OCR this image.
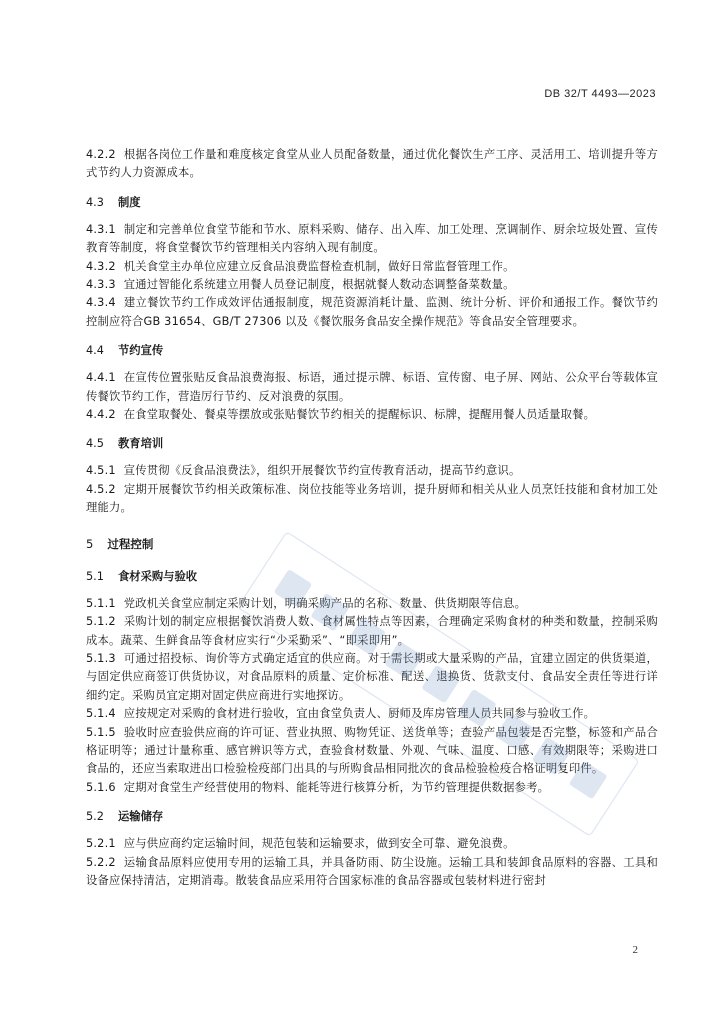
DB 32/T 4493—2023
4.2.2 根据各岗位工作量和难度核定食堂从业人员配备数量，通过优化餐饮生产工序、灵活用工、培训提升等方式节约人力资源成本。
4.3 制度
4.3.1 制定和完善单位食堂节能和节水、原料采购、储存、出入库、加工处理、烹调制作、厨余垃圾处置、宣传教育等制度，将食堂餐饮节约管理相关内容纳入现有制度。
4.3.2 机关食堂主办单位应建立反食品浪费监督检查机制，做好日常监督管理工作。
4.3.3 宜通过智能化系统建立用餐人员登记制度，根据就餐人数动态调整备菜数量。
4.3.4 建立餐饮节约工作成效评估通报制度，规范资源消耗计量、监测、统计分析、评价和通报工作。餐饮节约控制应符合GB 31654、GB/T 27306 以及《餐饮服务食品安全操作规范》等食品安全管理要求。
4.4 节约宣传
4.4.1 在宣传位置张贴反食品浪费海报、标语，通过提示牌、标语、宣传窗、电子屏、网站、公众平台等载体宣传餐饮节约工作，营造厉行节约、反对浪费的氛围。
4.4.2 在食堂取餐处、餐桌等摆放或张贴餐饮节约相关的提醒标识、标牌，提醒用餐人员适量取餐。
4.5 教育培训
4.5.1 宣传贯彻《反食品浪费法》，组织开展餐饮节约宣传教育活动，提高节约意识。
4.5.2 定期开展餐饮节约相关政策标准、岗位技能等业务培训，提升厨师和相关从业人员烹饪技能和食材加工处理能力。
5 过程控制
5.1 食材采购与验收
5.1.1 党政机关食堂应制定采购计划，明确采购产品的名称、数量、供货期限等信息。
5.1.2 采购计划的制定应根据餐饮消费人数、食材属性特点等因素，合理确定采购食材的种类和数量，控制采购成本。蔬菜、生鲜食品等食材应实行“少采勤采”、“即采即用”。
5.1.3 可通过招投标、询价等方式确定适宜的供应商。对于需长期或大量采购的产品，宜建立固定的供货渠道，与固定供应商签订供货协议，对食品原料的质量、定价标准、配送、退换货、货款支付、食品安全责任等进行详细约定。采购员宜定期对固定供应商进行实地探访。
5.1.4 应按规定对采购的食材进行验收，宜由食堂负责人、厨师及库房管理人员共同参与验收工作。
5.1.5 验收时应查验供应商的许可证、营业执照、购物凭证、送货单等；查验产品包装是否完整，标签和产品合格证明等；通过计量称重、感官辨识等方式，查验食材数量、外观、气味、温度、口感、有效期限等；采购进口食品的，还应当索取进出口检验检疫部门出具的与所购食品相同批次的食品检验检疫合格证明复印件。
5.1.6 定期对食堂生产经营使用的物料、能耗等进行核算分析，为节约管理提供数据参考。
5.2 运输储存
5.2.1 应与供应商约定运输时间，规范包装和运输要求，做到安全可靠、避免浪费。
5.2.2 运输食品原料应使用专用的运输工具，并具备防雨、防尘设施。运输工具和装卸食品原料的容器、工具和设备应保持清洁，定期消毒。散装食品应采用符合国家标准的食品容器或包装材料进行密封
2
